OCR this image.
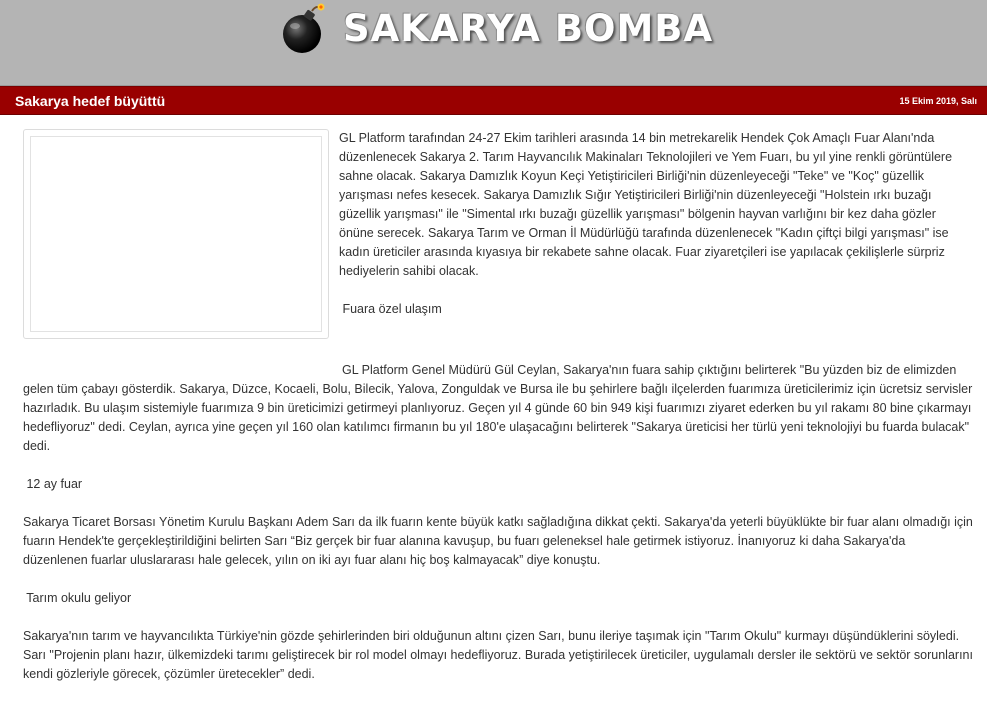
SAKARYA BOMBA
Sakarya hedef büyüttü	15 Ekim 2019, Salı

GL Platform tarafından 24-27 Ekim tarihleri arasında 14 bin metrekarelik Hendek Çok Amaçlı Fuar Alanı'nda düzenlenecek Sakarya 2. Tarım Hayvancılık Makinaları Teknolojileri ve Yem Fuarı, bu yıl yine renkli görüntülere sahne olacak. Sakarya Damızlık Koyun Keçi Yetiştiricileri Birliği'nin düzenleyeceği "Teke" ve "Koç" güzellik yarışması nefes kesecek. Sakarya Damızlık Sığır Yetiştiricileri Birliği'nin düzenleyeceği "Holstein ırkı buzağı güzellik yarışması" ile "Simental ırkı buzağı güzellik yarışması" bölgenin hayvan varlığını bir kez daha gözler önüne serecek. Sakarya Tarım ve Orman İl Müdürlüğü tarafında düzenlenecek "Kadın çiftçi bilgi yarışması" ise kadın üreticiler arasında kıyasıya bir rekabete sahne olacak. Fuar ziyaretçileri ise yapılacak çekilişlerle sürpriz hediyelerin sahibi olacak.

Fuara özel ulaşım

GL Platform Genel Müdürü Gül Ceylan, Sakarya'nın fuara sahip çıktığını belirterek "Bu yüzden biz de elimizden gelen tüm çabayı gösterdik. Sakarya, Düzce, Kocaeli, Bolu, Bilecik, Yalova, Zonguldak ve Bursa ile bu şehirlere bağlı ilçelerden fuarımıza üreticilerimiz için ücretsiz servisler hazırladık. Bu ulaşım sistemiyle fuarımıza 9 bin üreticimizi getirmeyi planlıyoruz. Geçen yıl 4 günde 60 bin 949 kişi fuarımızı ziyaret ederken bu yıl rakamı 80 bine çıkarmayı hedefliyoruz" dedi. Ceylan, ayrıca yine geçen yıl 160 olan katılımcı firmanın bu yıl 180'e ulaşacağını belirterek "Sakarya üreticisi her türlü yeni teknolojiyi bu fuarda bulacak" dedi.

12 ay fuar

Sakarya Ticaret Borsası Yönetim Kurulu Başkanı Adem Sarı da ilk fuarın kente büyük katkı sağladığına dikkat çekti. Sakarya'da yeterli büyüklükte bir fuar alanı olmadığı için fuarın Hendek'te gerçekleştirildiğini belirten Sarı “Biz gerçek bir fuar alanına kavuşup, bu fuarı geleneksel hale getirmek istiyoruz. İnanıyoruz ki daha Sakarya'da düzenlenen fuarlar uluslararası hale gelecek, yılın on iki ayı fuar alanı hiç boş kalmayacak” diye konuştu.

Tarım okulu geliyor

Sakarya'nın tarım ve hayvancılıkta Türkiye'nin gözde şehirlerinden biri olduğunun altını çizen Sarı, bunu ileriye taşımak için "Tarım Okulu" kurmayı düşündüklerini söyledi. Sarı "Projenin planı hazır, ülkemizdeki tarımı geliştirecek bir rol model olmayı hedefliyoruz. Burada yetiştirilecek üreticiler, uygulamalı dersler ile sektörü ve sektör sorunlarını kendi gözleriyle görecek, çözümler üretecekler” dedi.
